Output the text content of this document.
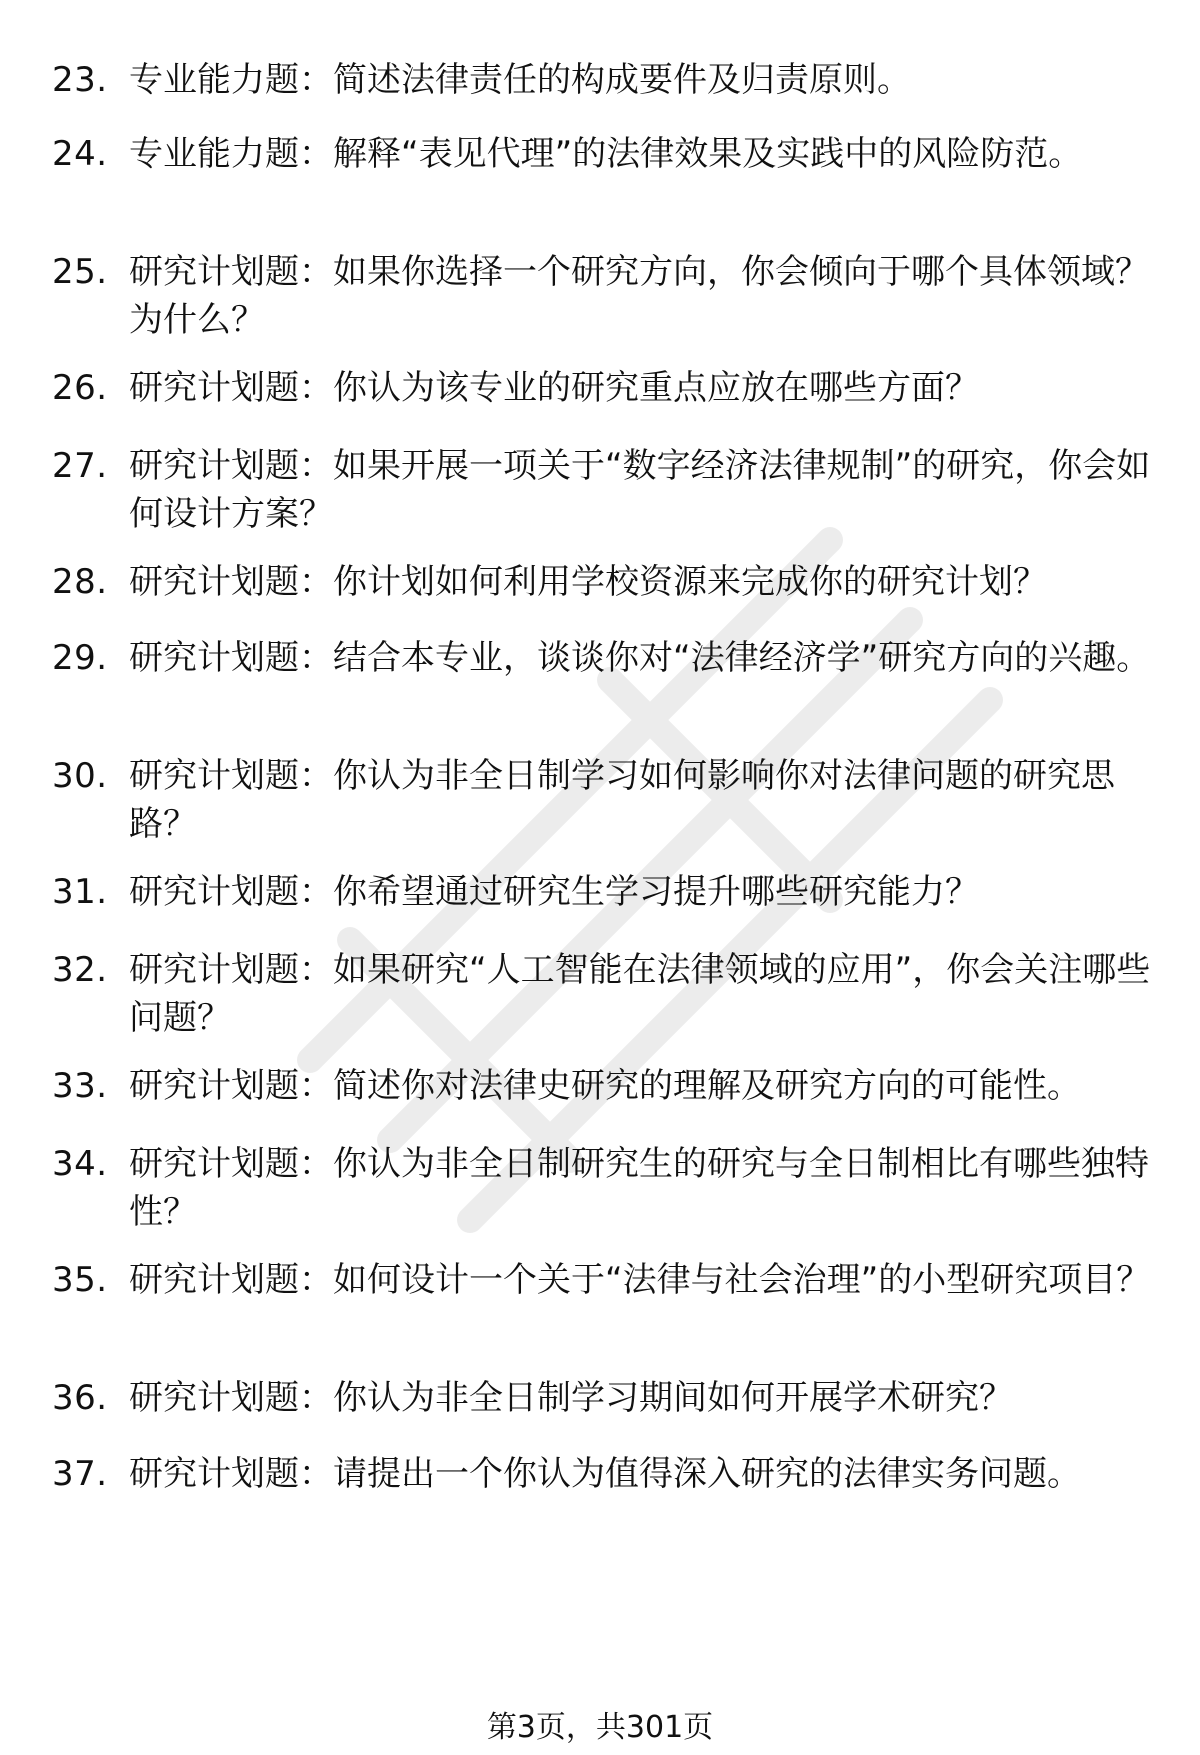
23. 专业能力题：简述法律责任的构成要件及归责原则。
24. 专业能力题：解释“表见代理”的法律效果及实践中的风险防范。
25. 研究计划题：如果你选择一个研究方向，你会倾向于哪个具体领域？为什么？
26. 研究计划题：你认为该专业的研究重点应放在哪些方面？
27. 研究计划题：如果开展一项关于“数字经济法律规制”的研究，你会如何设计方案？
28. 研究计划题：你计划如何利用学校资源来完成你的研究计划？
29. 研究计划题：结合本专业，谈谈你对“法律经济学”研究方向的兴趣。
30. 研究计划题：你认为非全日制学习如何影响你对法律问题的研究思路？
31. 研究计划题：你希望通过研究生学习提升哪些研究能力？
32. 研究计划题：如果研究“人工智能在法律领域的应用”，你会关注哪些问题？
33. 研究计划题：简述你对法律史研究的理解及研究方向的可能性。
34. 研究计划题：你认为非全日制研究生的研究与全日制相比有哪些独特性？
35. 研究计划题：如何设计一个关于“法律与社会治理”的小型研究项目？
36. 研究计划题：你认为非全日制学习期间如何开展学术研究？
37. 研究计划题：请提出一个你认为值得深入研究的法律实务问题。
第3页，共301页
